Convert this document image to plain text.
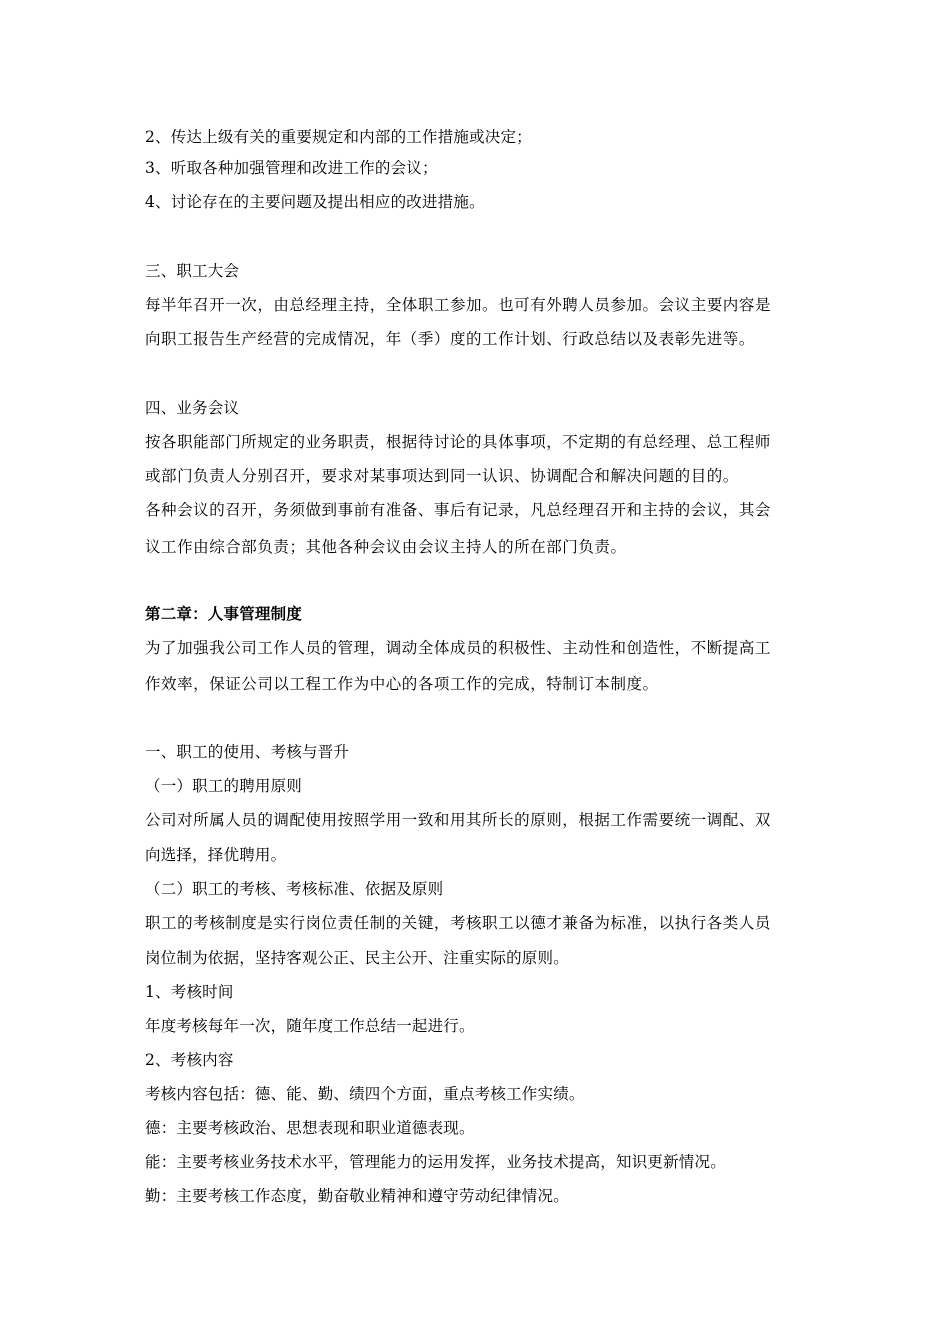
2、传达上级有关的重要规定和内部的工作措施或决定；
3、听取各种加强管理和改进工作的会议；
4、讨论存在的主要问题及提出相应的改进措施。
三、职工大会
每半年召开一次，由总经理主持，全体职工参加。也可有外聘人员参加。会议主要内容是
向职工报告生产经营的完成情况，年（季）度的工作计划、行政总结以及表彰先进等。
四、业务会议
按各职能部门所规定的业务职责，根据待讨论的具体事项，不定期的有总经理、总工程师
或部门负责人分别召开，要求对某事项达到同一认识、协调配合和解决问题的目的。
各种会议的召开，务须做到事前有准备、事后有记录，凡总经理召开和主持的会议，其会
议工作由综合部负责；其他各种会议由会议主持人的所在部门负责。
第二章：人事管理制度
为了加强我公司工作人员的管理，调动全体成员的积极性、主动性和创造性，不断提高工
作效率，保证公司以工程工作为中心的各项工作的完成，特制订本制度。
一、职工的使用、考核与晋升
（一）职工的聘用原则
公司对所属人员的调配使用按照学用一致和用其所长的原则，根据工作需要统一调配、双
向选择，择优聘用。
（二）职工的考核、考核标准、依据及原则
职工的考核制度是实行岗位责任制的关键，考核职工以德才兼备为标准，以执行各类人员
岗位制为依据，坚持客观公正、民主公开、注重实际的原则。
1、考核时间
年度考核每年一次，随年度工作总结一起进行。
2、考核内容
考核内容包括：德、能、勤、绩四个方面，重点考核工作实绩。
德：主要考核政治、思想表现和职业道德表现。
能：主要考核业务技术水平，管理能力的运用发挥，业务技术提高，知识更新情况。
勤：主要考核工作态度，勤奋敬业精神和遵守劳动纪律情况。
